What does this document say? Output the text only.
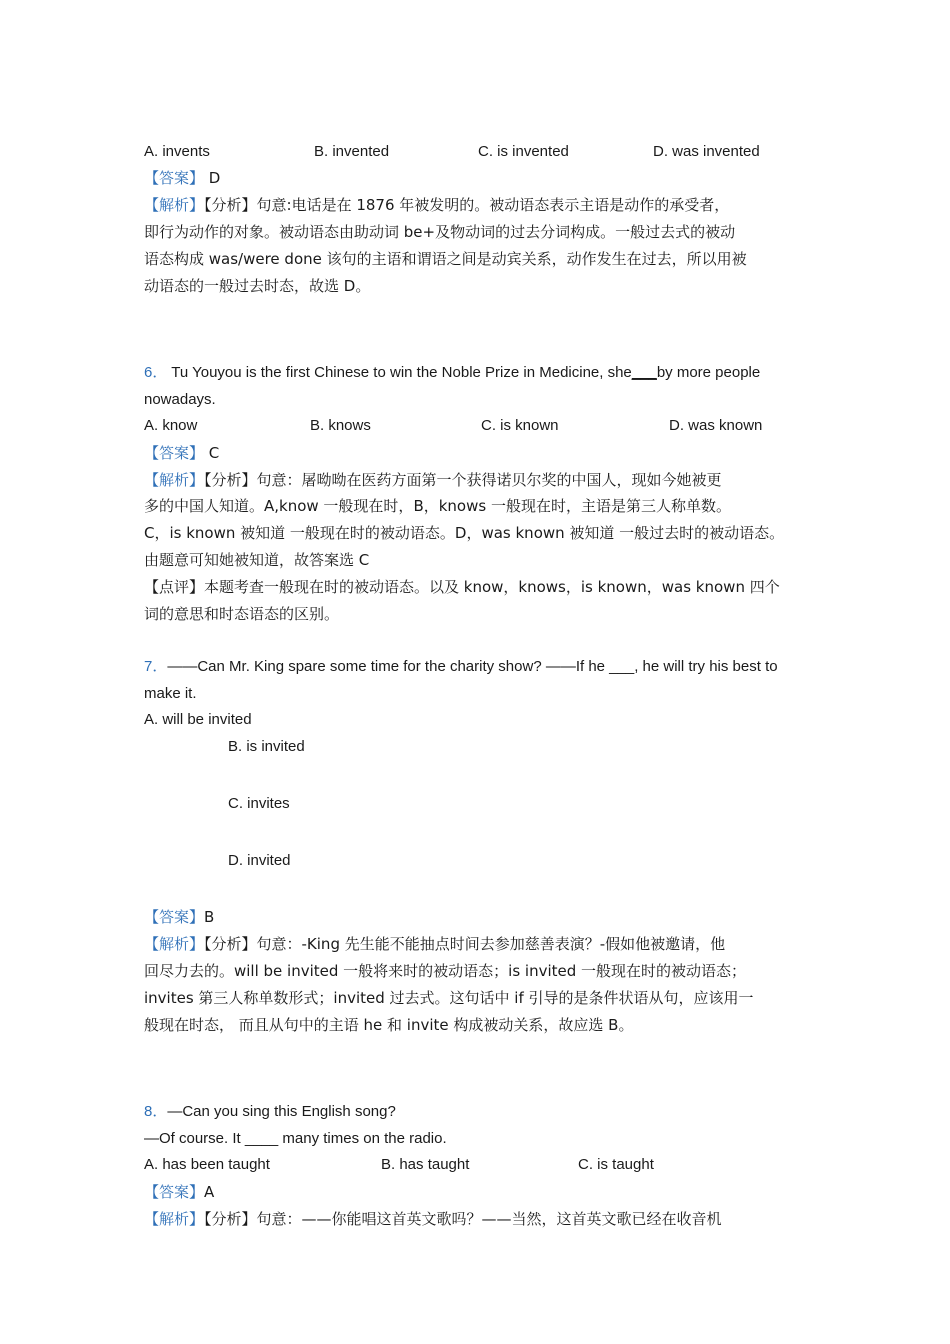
A. invents	B. invented	C. is invented	D. was invented
【答案】 D
【解析】【分析】句意:电话是在 1876 年被发明的。被动语态表示主语是动作的承受者，
即行为动作的对象。被动语态由助动词 be+及物动词的过去分词构成。一般过去式的被动
语态构成 was/were done 该句的主语和谓语之间是动宾关系，动作发生在过去，所以用被
动语态的一般过去时态，故选 D。
6． Tu Youyou is the first Chinese to win the Noble Prize in Medicine, she___by more people
nowadays.
A. know	B. knows	C. is known	D. was known
【答案】 C
【解析】【分析】句意：屠呦呦在医药方面第一个获得诺贝尔奖的中国人，现如今她被更
多的中国人知道。A,know 一般现在时，B，knows 一般现在时，主语是第三人称单数。
C，is known 被知道 一般现在时的被动语态。D，was known 被知道 一般过去时的被动语态。
由题意可知她被知道，故答案选 C
【点评】本题考查一般现在时的被动语态。以及 know，knows，is known，was known 四个
词的意思和时态语态的区别。
7．——Can Mr. King spare some time for the charity show? ——If he ___, he will try his best to
make it.
A. will be invited
B. is invited
C. invites
D. invited
【答案】B
【解析】【分析】句意：-King 先生能不能抽点时间去参加慈善表演？-假如他被邀请，他
回尽力去的。will be invited 一般将来时的被动语态；is invited 一般现在时的被动语态；
invites 第三人称单数形式；invited 过去式。这句话中 if 引导的是条件状语从句，应该用一
般现在时态， 而且从句中的主语 he 和 invite 构成被动关系，故应选 B。
8．—Can you sing this English song?
—Of course. It ____ many times on the radio.
A. has been taught	B. has taught	C. is taught
【答案】A
【解析】【分析】句意：——你能唱这首英文歌吗？——当然，这首英文歌已经在收音机
